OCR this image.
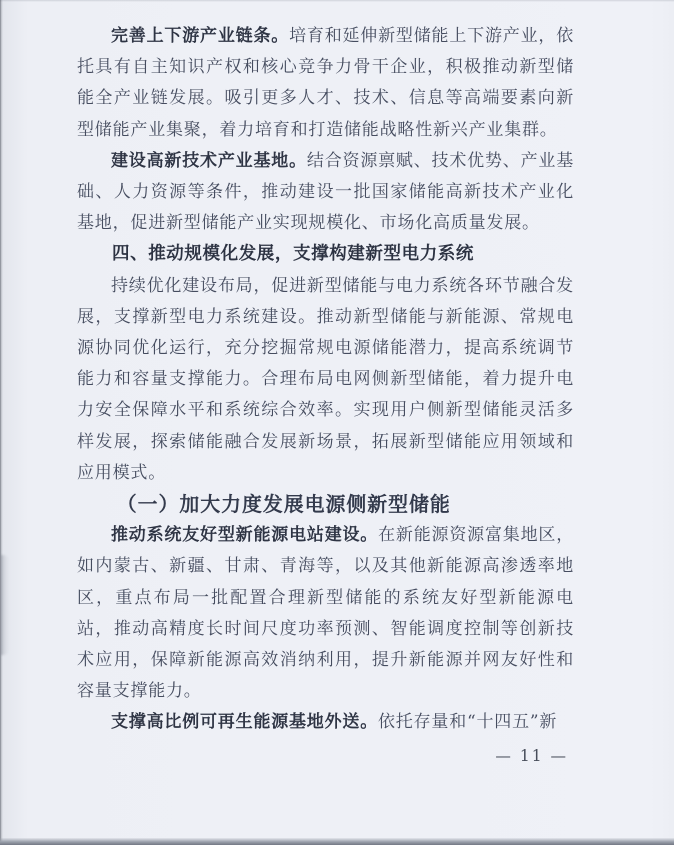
完善上下游产业链条。培育和延伸新型储能上下游产业，依托具有自主知识产权和核心竞争力骨干企业，积极推动新型储能全产业链发展。吸引更多人才、技术、信息等高端要素向新型储能产业集聚，着力培育和打造储能战略性新兴产业集群。

建设高新技术产业基地。结合资源禀赋、技术优势、产业基础、人力资源等条件，推动建设一批国家储能高新技术产业化基地，促进新型储能产业实现规模化、市场化高质量发展。

四、推动规模化发展，支撑构建新型电力系统

持续优化建设布局，促进新型储能与电力系统各环节融合发展，支撑新型电力系统建设。推动新型储能与新能源、常规电源协同优化运行，充分挖掘常规电源储能潜力，提高系统调节能力和容量支撑能力。合理布局电网侧新型储能，着力提升电力安全保障水平和系统综合效率。实现用户侧新型储能灵活多样发展，探索储能融合发展新场景，拓展新型储能应用领域和应用模式。

（一）加大力度发展电源侧新型储能

推动系统友好型新能源电站建设。在新能源资源富集地区，如内蒙古、新疆、甘肃、青海等，以及其他新能源高渗透率地区，重点布局一批配置合理新型储能的系统友好型新能源电站，推动高精度长时间尺度功率预测、智能调度控制等创新技术应用，保障新能源高效消纳利用，提升新能源并网友好性和容量支撑能力。

支撑高比例可再生能源基地外送。依托存量和“十四五”新

— 11 —
